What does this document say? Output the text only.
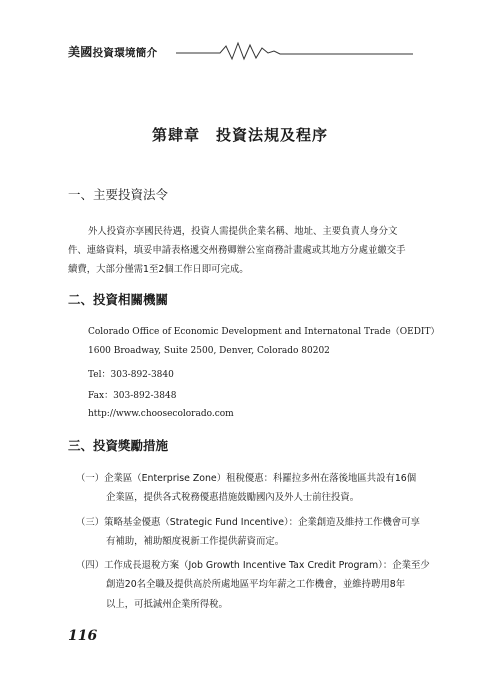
美國投資環境簡介
第肆章　投資法規及程序
一、主要投資法令
外人投資亦享國民待遇，投資人需提供企業名稱、地址、主要負責人身分文
件、連絡資料，填妥申請表格遞交州務卿辦公室商務計畫處或其地方分處並繳交手
續費，大部分僅需1至2個工作日即可完成。
二、投資相關機關
Colorado Office of Economic Development and Internatonal Trade（OEDIT）
1600 Broadway, Suite 2500, Denver, Colorado 80202
Tel：303-892-3840
Fax：303-892-3848
http://www.choosecolorado.com
三、投資獎勵措施
（一）企業區（Enterprise Zone）租稅優惠：科羅拉多州在落後地區共設有16個
企業區，提供各式稅務優惠措施鼓勵國內及外人士前往投資。
（三）策略基金優惠（Strategic Fund Incentive）：企業創造及維持工作機會可享
有補助，補助額度視新工作提供薪資而定。
（四）工作成長退稅方案（Job Growth Incentive Tax Credit Program）：企業至少
創造20名全職及提供高於所處地區平均年薪之工作機會，並維持聘用8年
以上，可抵減州企業所得稅。
116
